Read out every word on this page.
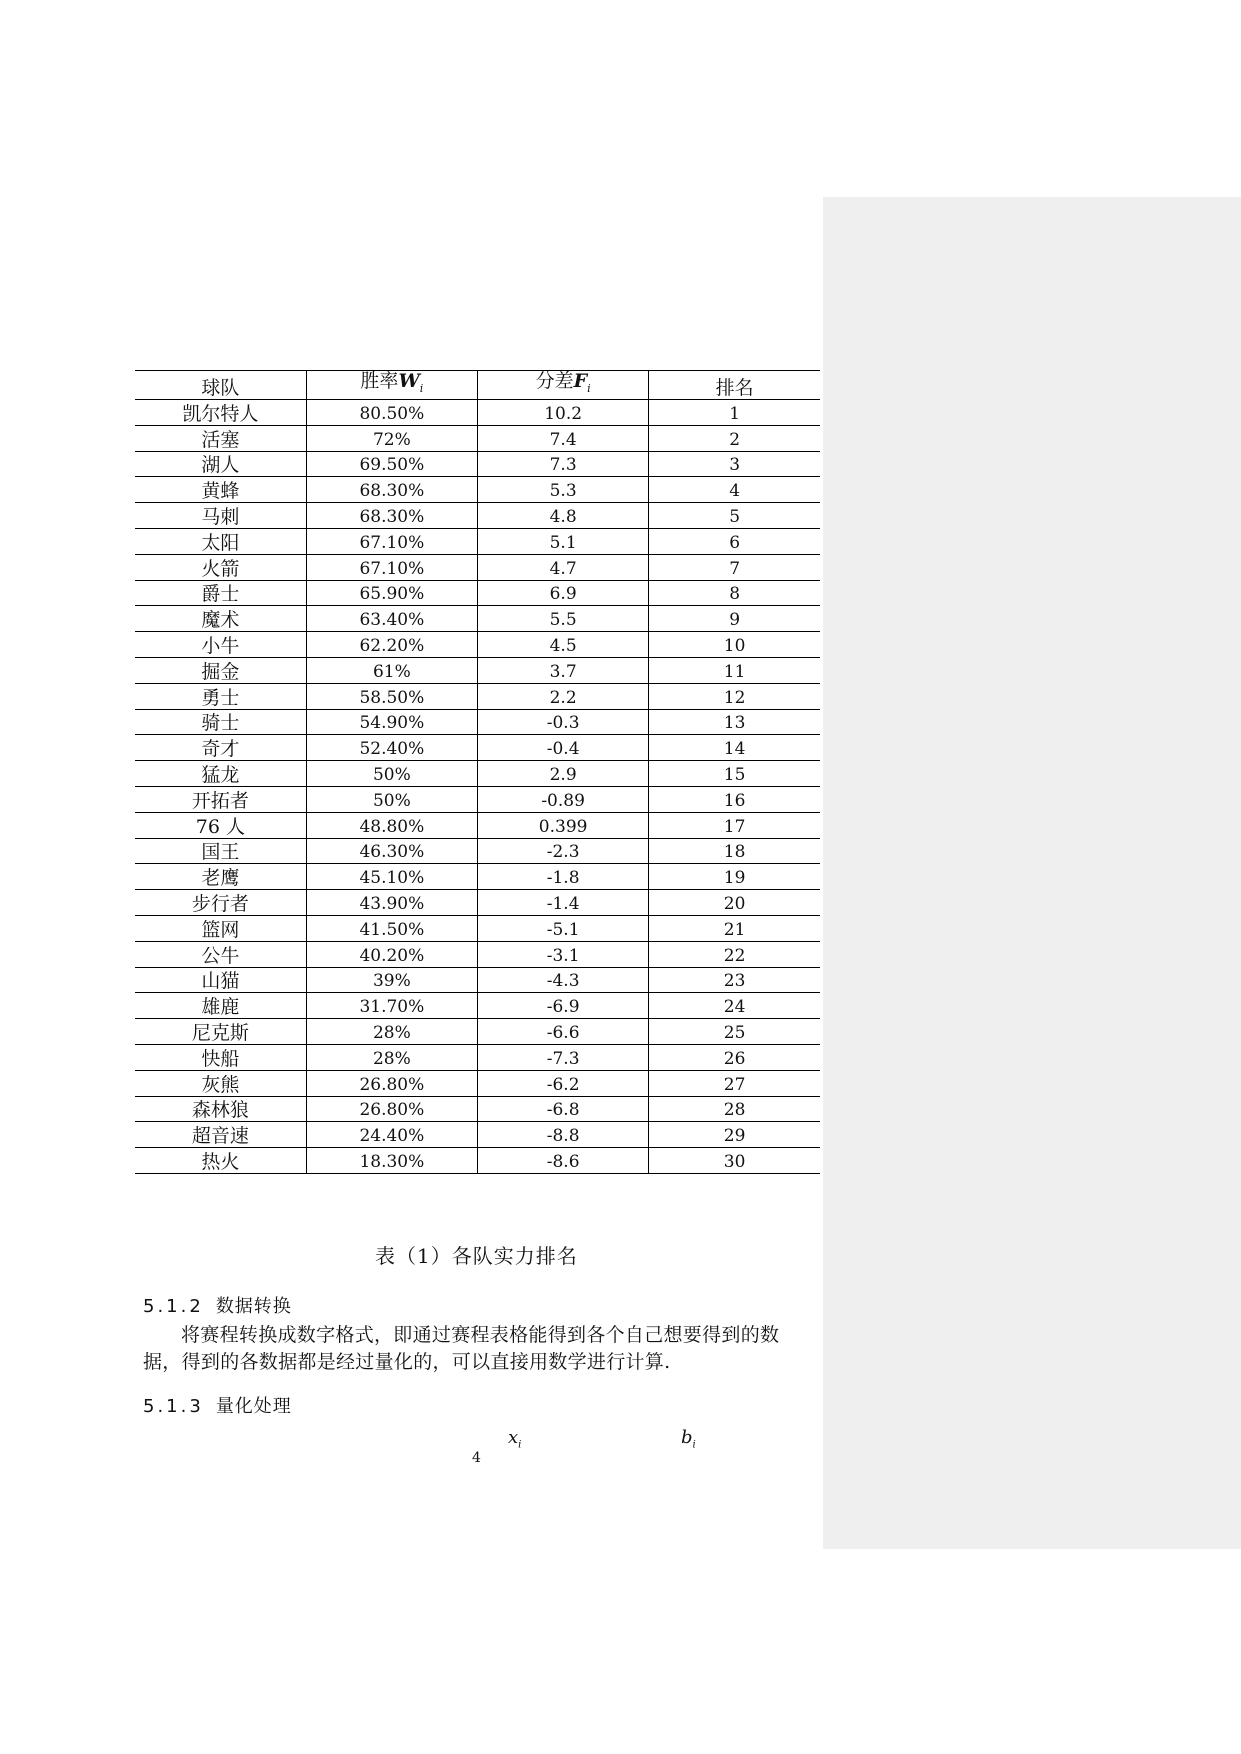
球队	胜率$W_i$	分差$F_i$	排名
凯尔特人	80.50%	10.2	1
活塞	72%	7.4	2
湖人	69.50%	7.3	3
黄蜂	68.30%	5.3	4
马刺	68.30%	4.8	5
太阳	67.10%	5.1	6
火箭	67.10%	4.7	7
爵士	65.90%	6.9	8
魔术	63.40%	5.5	9
小牛	62.20%	4.5	10
掘金	61%	3.7	11
勇士	58.50%	2.2	12
骑士	54.90%	-0.3	13
奇才	52.40%	-0.4	14
猛龙	50%	2.9	15
开拓者	50%	-0.89	16
76 人	48.80%	0.399	17
国王	46.30%	-2.3	18
老鹰	45.10%	-1.8	19
步行者	43.90%	-1.4	20
篮网	41.50%	-5.1	21
公牛	40.20%	-3.1	22
山猫	39%	-4.3	23
雄鹿	31.70%	-6.9	24
尼克斯	28%	-6.6	25
快船	28%	-7.3	26
灰熊	26.80%	-6.2	27
森林狼	26.80%	-6.8	28
超音速	24.40%	-8.8	29
热火	18.30%	-8.6	30
表（1）各队实力排名
5.1.2 数据转换
将赛程转换成数字格式，即通过赛程表格能得到各个自己想要得到的数据，得到的各数据都是经过量化的，可以直接用数学进行计算.
5.1.3 量化处理
$x_i$	$b_i$
4
